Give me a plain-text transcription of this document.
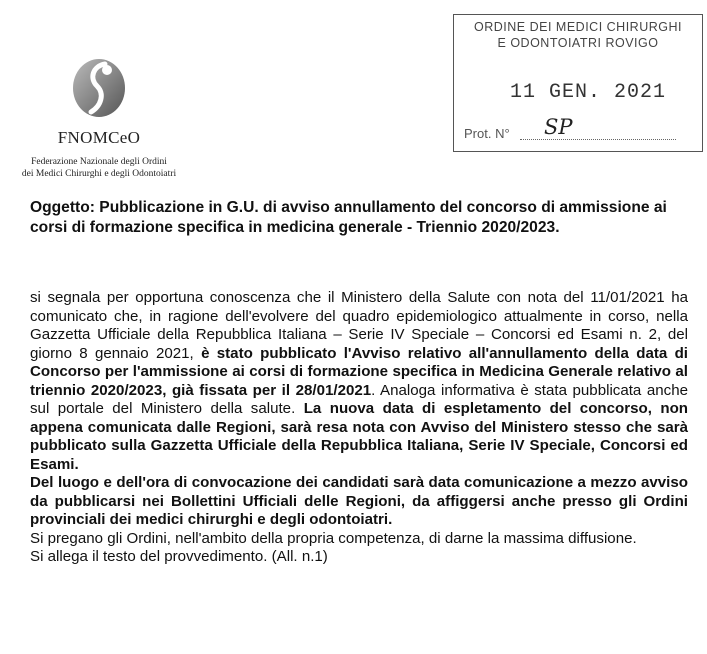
FNOMCeO
Federazione Nazionale degli Ordini
dei Medici Chirurghi e degli Odontoiatri
ORDINE DEI MEDICI CHIRURGHI
E ODONTOIATRI ROVIGO
11 GEN. 2021
Prot. N° SP
Oggetto: Pubblicazione in G.U. di avviso annullamento del concorso di ammissione ai corsi di formazione specifica in medicina generale - Triennio 2020/2023.

si segnala per opportuna conoscenza che il Ministero della Salute con nota del 11/01/2021 ha comunicato che, in ragione dell'evolvere del quadro epidemiologico attualmente in corso, nella Gazzetta Ufficiale della Repubblica Italiana – Serie IV Speciale – Concorsi ed Esami n. 2, del giorno 8 gennaio 2021, è stato pubblicato l'Avviso relativo all'annullamento della data di Concorso per l'ammissione ai corsi di formazione specifica in Medicina Generale relativo al triennio 2020/2023, già fissata per il 28/01/2021. Analoga informativa è stata pubblicata anche sul portale del Ministero della salute. La nuova data di espletamento del concorso, non appena comunicata dalle Regioni, sarà resa nota con Avviso del Ministero stesso che sarà pubblicato sulla Gazzetta Ufficiale della Repubblica Italiana, Serie IV Speciale, Concorsi ed Esami.

Del luogo e dell'ora di convocazione dei candidati sarà data comunicazione a mezzo avviso da pubblicarsi nei Bollettini Ufficiali delle Regioni, da affiggersi anche presso gli Ordini provinciali dei medici chirurghi e degli odontoiatri.

Si pregano gli Ordini, nell'ambito della propria competenza, di darne la massima diffusione.

Si allega il testo del provvedimento. (All. n.1)
